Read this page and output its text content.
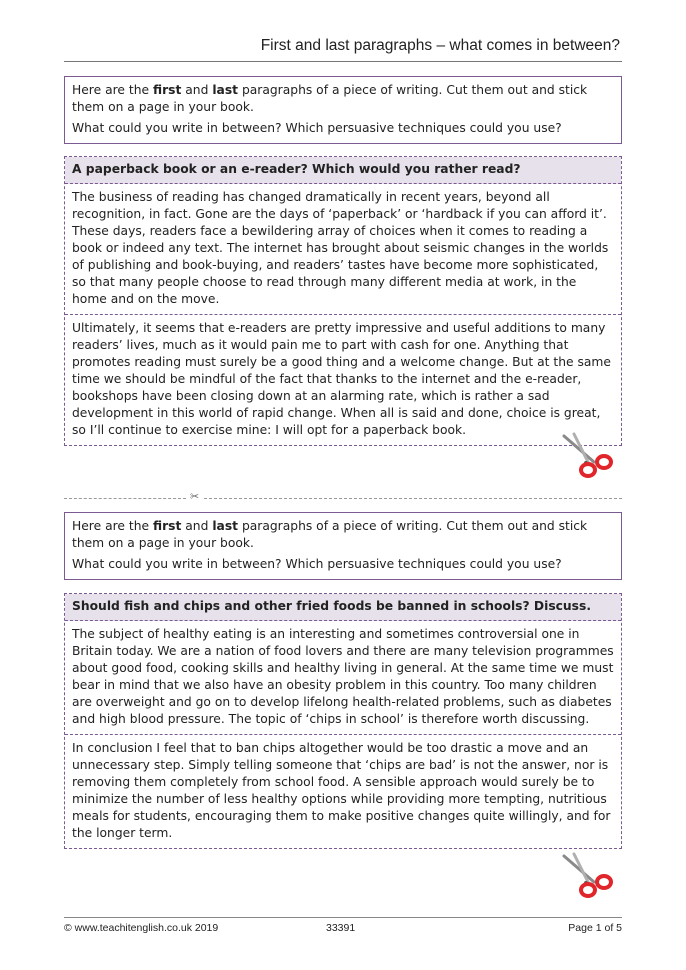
First and last paragraphs – what comes in between?

Here are the first and last paragraphs of a piece of writing. Cut them out and stick them on a page in your book.

What could you write in between? Which persuasive techniques could you use?

A paperback book or an e-reader? Which would you rather read?

The business of reading has changed dramatically in recent years, beyond all recognition, in fact. Gone are the days of ‘paperback’ or ‘hardback if you can afford it’. These days, readers face a bewildering array of choices when it comes to reading a book or indeed any text. The internet has brought about seismic changes in the worlds of publishing and book-buying, and readers’ tastes have become more sophisticated, so that many people choose to read through many different media at work, in the home and on the move.

Ultimately, it seems that e-readers are pretty impressive and useful additions to many readers’ lives, much as it would pain me to part with cash for one. Anything that promotes reading must surely be a good thing and a welcome change. But at the same time we should be mindful of the fact that thanks to the internet and the e-reader, bookshops have been closing down at an alarming rate, which is rather a sad development in this world of rapid change. When all is said and done, choice is great, so I’ll continue to exercise mine: I will opt for a paperback book.

✂

Here are the first and last paragraphs of a piece of writing. Cut them out and stick them on a page in your book.

What could you write in between? Which persuasive techniques could you use?

Should fish and chips and other fried foods be banned in schools? Discuss.

The subject of healthy eating is an interesting and sometimes controversial one in Britain today. We are a nation of food lovers and there are many television programmes about good food, cooking skills and healthy living in general. At the same time we must bear in mind that we also have an obesity problem in this country. Too many children are overweight and go on to develop lifelong health-related problems, such as diabetes and high blood pressure. The topic of ‘chips in school’ is therefore worth discussing.

In conclusion I feel that to ban chips altogether would be too drastic a move and an unnecessary step. Simply telling someone that ‘chips are bad’ is not the answer, nor is removing them completely from school food. A sensible approach would surely be to minimize the number of less healthy options while providing more tempting, nutritious meals for students, encouraging them to make positive changes quite willingly, and for the longer term.

© www.teachitenglish.co.uk 2019	33391	Page 1 of 5
